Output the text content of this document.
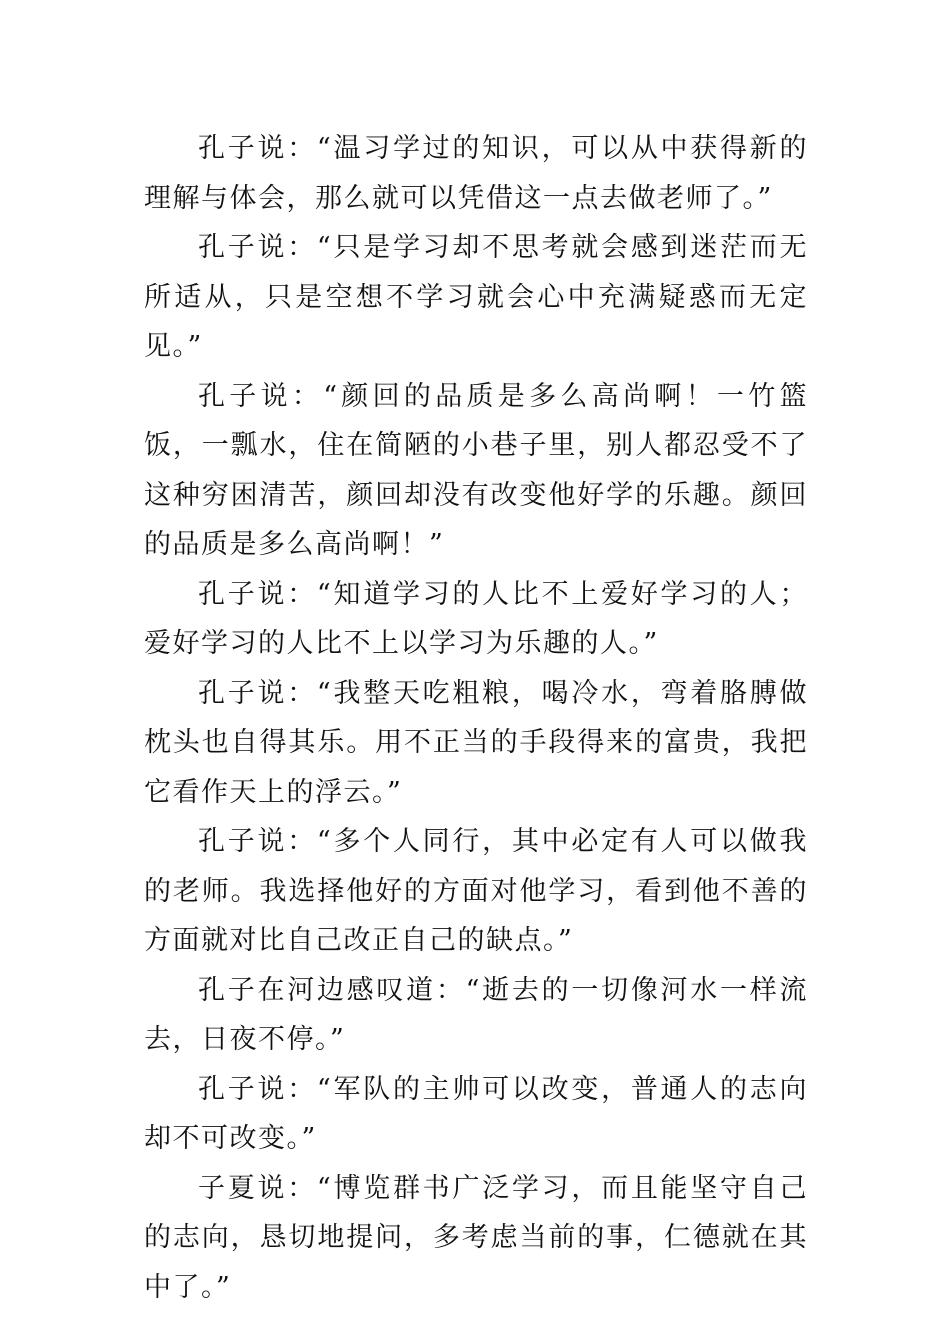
孔子说：“温习学过的知识，可以从中获得新的理解与体会，那么就可以凭借这一点去做老师了。”

孔子说：“只是学习却不思考就会感到迷茫而无所适从，只是空想不学习就会心中充满疑惑而无定见。”

孔子说：“颜回的品质是多么高尚啊！一竹篮饭，一瓢水，住在简陋的小巷子里，别人都忍受不了这种穷困清苦，颜回却没有改变他好学的乐趣。颜回的品质是多么高尚啊！”

孔子说：“知道学习的人比不上爱好学习的人；爱好学习的人比不上以学习为乐趣的人。”

孔子说：“我整天吃粗粮，喝冷水，弯着胳膊做枕头也自得其乐。用不正当的手段得来的富贵，我把它看作天上的浮云。”

孔子说：“多个人同行，其中必定有人可以做我的老师。我选择他好的方面对他学习，看到他不善的方面就对比自己改正自己的缺点。”

孔子在河边感叹道：“逝去的一切像河水一样流去，日夜不停。”

孔子说：“军队的主帅可以改变，普通人的志向却不可改变。”

子夏说：“博览群书广泛学习，而且能坚守自己的志向，恳切地提问，多考虑当前的事，仁德就在其中了。”
